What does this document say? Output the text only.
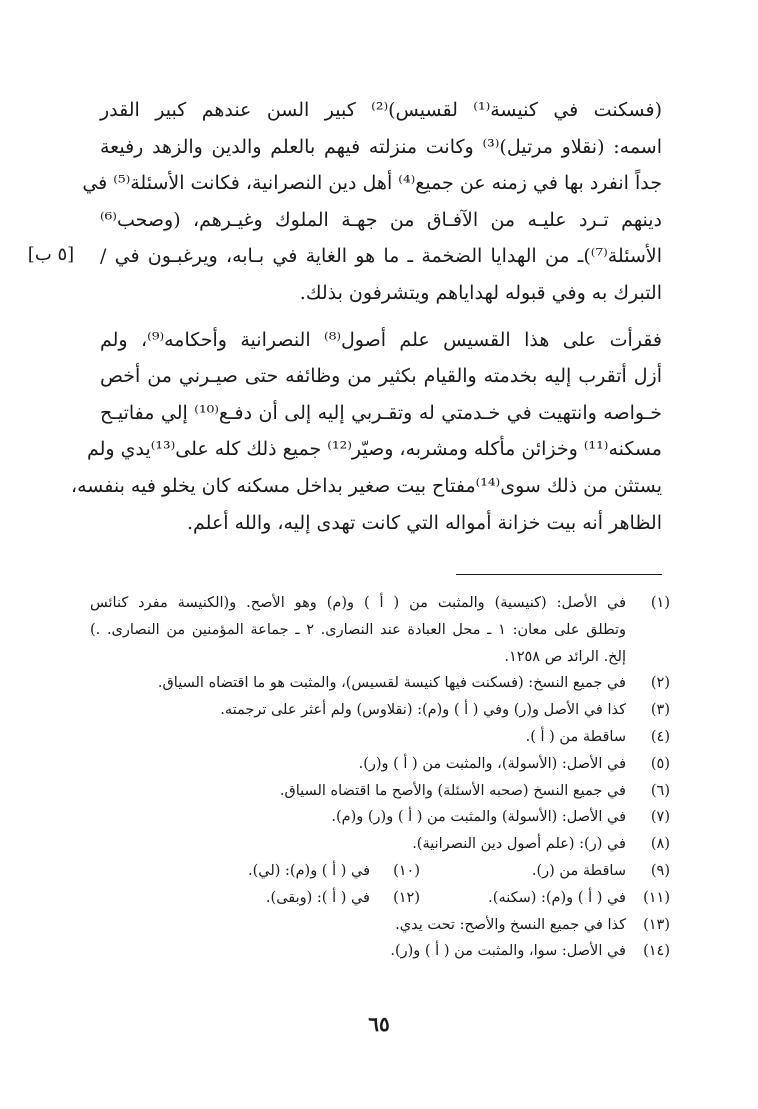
[٥ ب]
(فسكنت في كنيسة⁽¹⁾ لقسيس)⁽²⁾ كبير السن عندهم كبير القدر
اسمه: (نقلاو مرتيل)⁽³⁾ وكانت منزلته فيهم بالعلم والدين والزهد رفيعة
جداً انفرد بها في زمنه عن جميع⁽⁴⁾ أهل دين النصرانية، فكانت الأسئلة⁽⁵⁾ في
دينهم تـرد عليـه من الآفـاق من جهـة الملوك وغيـرهم، (وصحب⁽⁶⁾
الأسئلة⁽⁷⁾)ـ من الهدايا الضخمة ـ ما هو الغاية في بـابه، ويرغبـون في /
التبرك به وفي قبوله لهداياهم ويتشرفون بذلك.
فقرأت على هذا القسيس علم أصول⁽⁸⁾ النصرانية وأحكامه⁽⁹⁾، ولم
أزل أتقرب إليه بخدمته والقيام بكثير من وظائفه حتى صيـرني من أخص
خـواصه وانتهيت في خـدمتي له وتقـربي إليه إلى أن دفـع⁽¹⁰⁾ إلي مفاتيـح
مسكنه⁽¹¹⁾ وخزائن مأكله ومشربه، وصيّر⁽¹²⁾ جميع ذلك كله على⁽¹³⁾يدي ولم
يستثن من ذلك سوى⁽¹⁴⁾مفتاح بيت صغير بداخل مسكنه كان يخلو فيه بنفسه،
الظاهر أنه بيت خزانة أمواله التي كانت تهدى إليه، والله أعلم.
(١)
في الأصل: (كنيسية) والمثبت من ( أ ) و(م) وهو الأصح. و(الكنيسة مفرد كنائس
وتطلق على معان: ١ ـ محل العبادة عند النصارى. ٢ ـ جماعة المؤمنين من النصارى. .)
إلخ. الرائد ص ١٢٥٨.
(٢)
في جميع النسخ: (فسكنت فيها كنيسة لقسيس)، والمثبت هو ما اقتضاه السياق.
(٣)
كذا في الأصل و(ر) وفي ( أ ) و(م): (نقلاوس) ولم أعثر على ترجمته.
(٤)
ساقطة من ( أ ).
(٥)
في الأصل: (الأسولة)، والمثبت من ( أ ) و(ر).
(٦)
في جميع النسخ (صحبه الأسئلة) والأصح ما اقتضاه السياق.
(٧)
في الأصل: (الأسولة) والمثبت من ( أ ) و(ر) و(م).
(٨)
في (ر): (علم أصول دين النصرانية).
(٩)
ساقطة من (ر).
(١٠)
في ( أ ) و(م): (لي).
(١١)
في ( أ ) و(م): (سكنه).
(١٢)
في ( أ ): (وبقى).
(١٣)
كذا في جميع النسخ والأصح: تحت يدي.
(١٤)
في الأصل: سوا، والمثبت من ( أ ) و(ر).
٦٥
